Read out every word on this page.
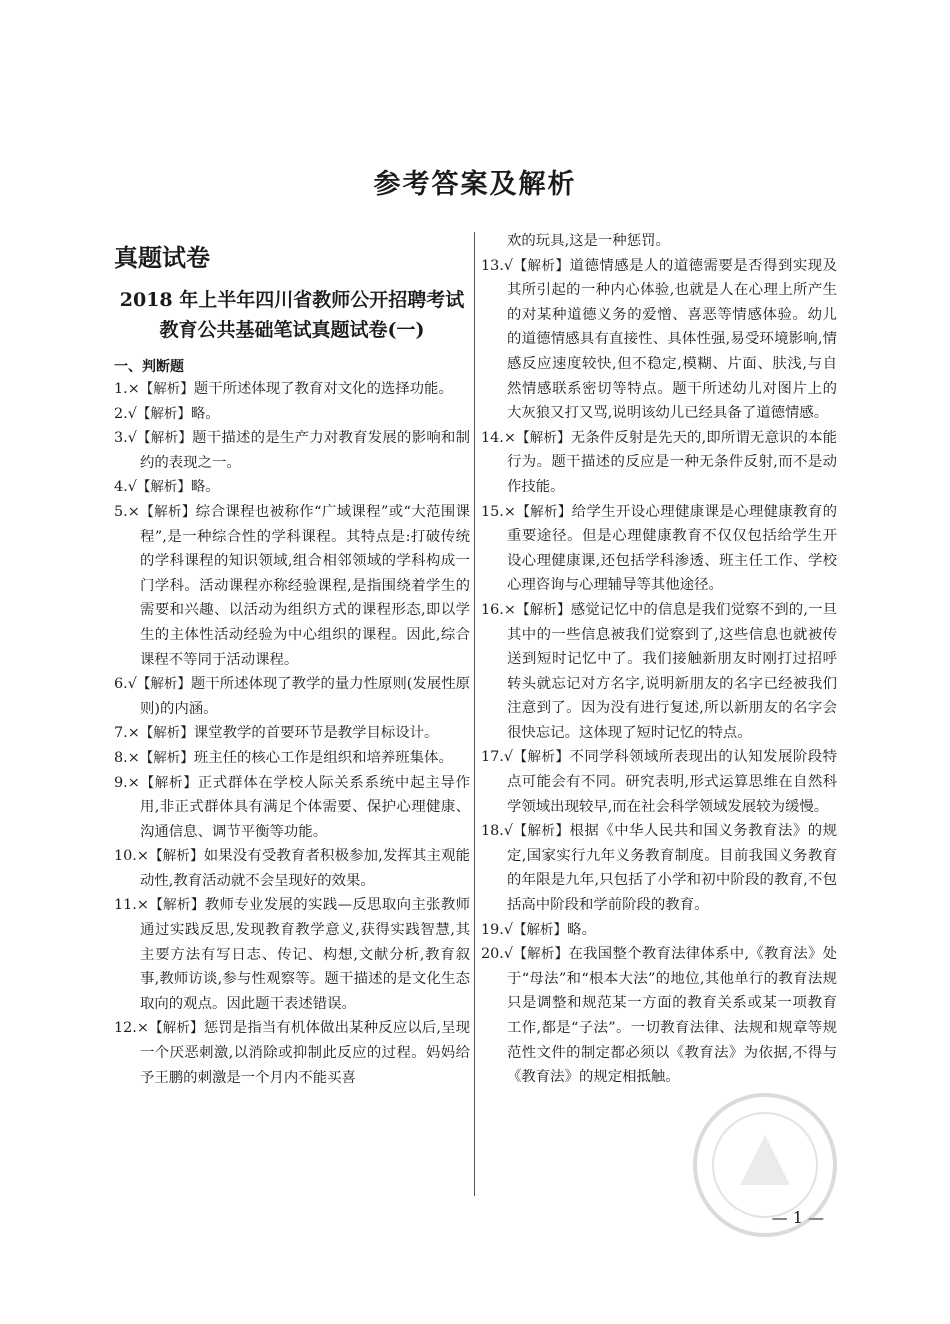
参考答案及解析
真题试卷
2018 年上半年四川省教师公开招聘考试
教育公共基础笔试真题试卷(一)
一、判断题
1.×【解析】题干所述体现了教育对文化的选择功能。
2.√【解析】略。
3.√【解析】题干描述的是生产力对教育发展的影响和制约的表现之一。
4.√【解析】略。
5.×【解析】综合课程也被称作“广域课程”或“大范围课程”,是一种综合性的学科课程。其特点是:打破传统的学科课程的知识领域,组合相邻领域的学科构成一门学科。活动课程亦称经验课程,是指围绕着学生的需要和兴趣、以活动为组织方式的课程形态,即以学生的主体性活动经验为中心组织的课程。因此,综合课程不等同于活动课程。
6.√【解析】题干所述体现了教学的量力性原则(发展性原则)的内涵。
7.×【解析】课堂教学的首要环节是教学目标设计。
8.×【解析】班主任的核心工作是组织和培养班集体。
9.×【解析】正式群体在学校人际关系系统中起主导作用,非正式群体具有满足个体需要、保护心理健康、沟通信息、调节平衡等功能。
10.×【解析】如果没有受教育者积极参加,发挥其主观能动性,教育活动就不会呈现好的效果。
11.×【解析】教师专业发展的实践—反思取向主张教师通过实践反思,发现教育教学意义,获得实践智慧,其主要方法有写日志、传记、构想,文献分析,教育叙事,教师访谈,参与性观察等。题干描述的是文化生态取向的观点。因此题干表述错误。
12.×【解析】惩罚是指当有机体做出某种反应以后,呈现一个厌恶刺激,以消除或抑制此反应的过程。妈妈给予王鹏的刺激是一个月内不能买喜
欢的玩具,这是一种惩罚。
13.√【解析】道德情感是人的道德需要是否得到实现及其所引起的一种内心体验,也就是人在心理上所产生的对某种道德义务的爱憎、喜恶等情感体验。幼儿的道德情感具有直接性、具体性强,易受环境影响,情感反应速度较快,但不稳定,模糊、片面、肤浅,与自然情感联系密切等特点。题干所述幼儿对图片上的大灰狼又打又骂,说明该幼儿已经具备了道德情感。
14.×【解析】无条件反射是先天的,即所谓无意识的本能行为。题干描述的反应是一种无条件反射,而不是动作技能。
15.×【解析】给学生开设心理健康课是心理健康教育的重要途径。但是心理健康教育不仅仅包括给学生开设心理健康课,还包括学科渗透、班主任工作、学校心理咨询与心理辅导等其他途径。
16.×【解析】感觉记忆中的信息是我们觉察不到的,一旦其中的一些信息被我们觉察到了,这些信息也就被传送到短时记忆中了。我们接触新朋友时刚打过招呼转头就忘记对方名字,说明新朋友的名字已经被我们注意到了。因为没有进行复述,所以新朋友的名字会很快忘记。这体现了短时记忆的特点。
17.√【解析】不同学科领域所表现出的认知发展阶段特点可能会有不同。研究表明,形式运算思维在自然科学领域出现较早,而在社会科学领域发展较为缓慢。
18.√【解析】根据《中华人民共和国义务教育法》的规定,国家实行九年义务教育制度。目前我国义务教育的年限是九年,只包括了小学和初中阶段的教育,不包括高中阶段和学前阶段的教育。
19.√【解析】略。
20.√【解析】在我国整个教育法律体系中,《教育法》处于“母法”和“根本大法”的地位,其他单行的教育法规只是调整和规范某一方面的教育关系或某一项教育工作,都是“子法”。一切教育法律、法规和规章等规范性文件的制定都必须以《教育法》为依据,不得与《教育法》的规定相抵触。
— 1 —
